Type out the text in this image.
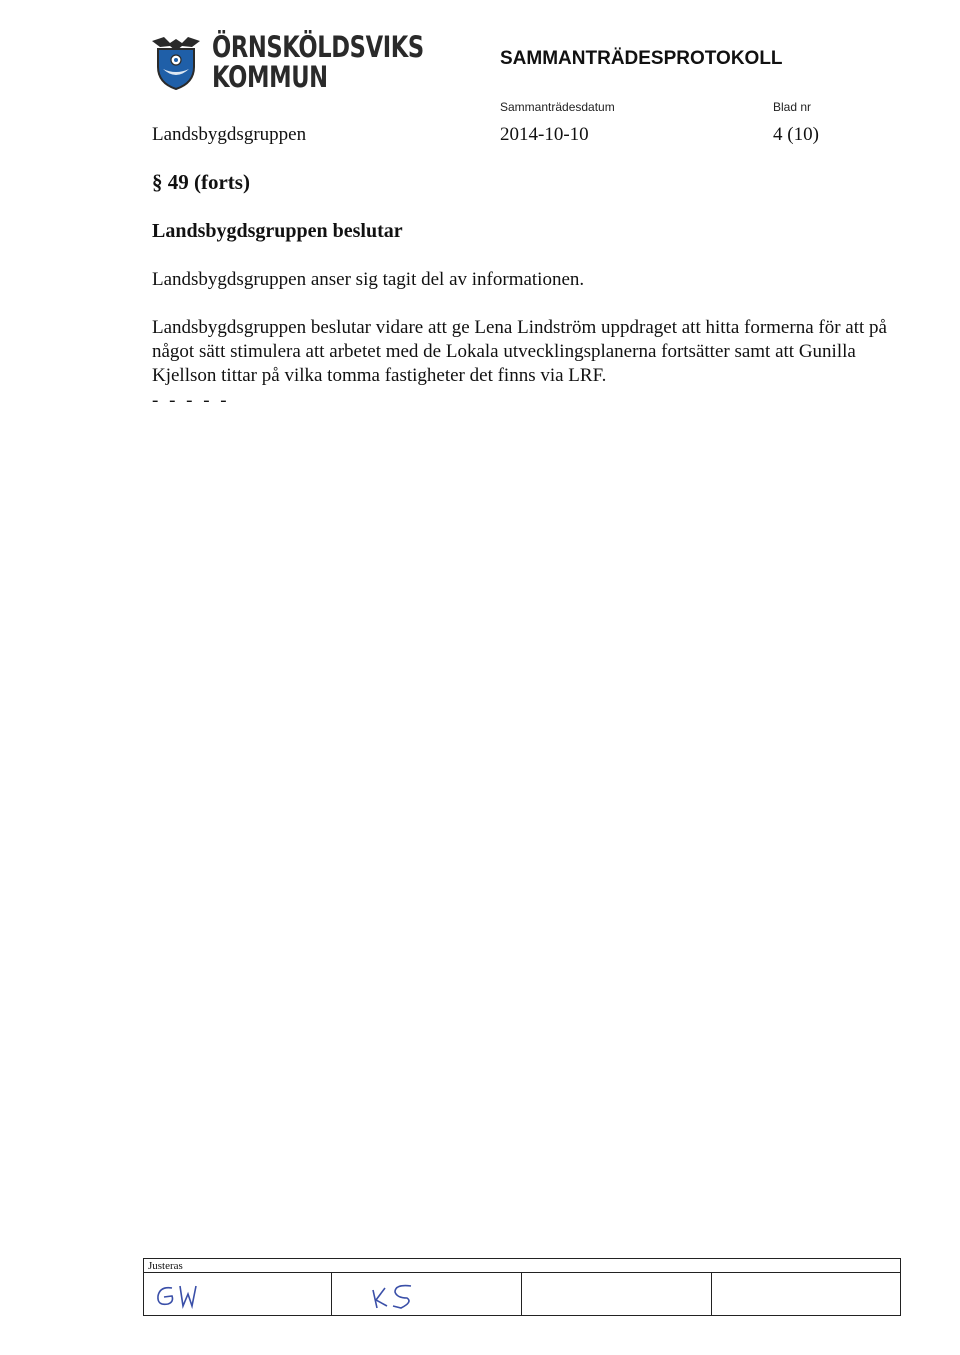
ÖRNSKÖLDSVIKS
KOMMUN
SAMMANTRÄDESPROTOKOLL
Sammanträdesdatum	Blad nr
Landsbygdsgruppen	2014-10-10	4 (10)
§ 49 (forts)
Landsbygdsgruppen beslutar
Landsbygdsgruppen anser sig tagit del av informationen.
Landsbygdsgruppen beslutar vidare att ge Lena Lindström uppdraget att hitta formerna för att på något sätt stimulera att arbetet med de Lokala utvecklingsplanerna fortsätter samt att Gunilla Kjellson tittar på vilka tomma fastigheter det finns via LRF.
- - - - -
Justeras
